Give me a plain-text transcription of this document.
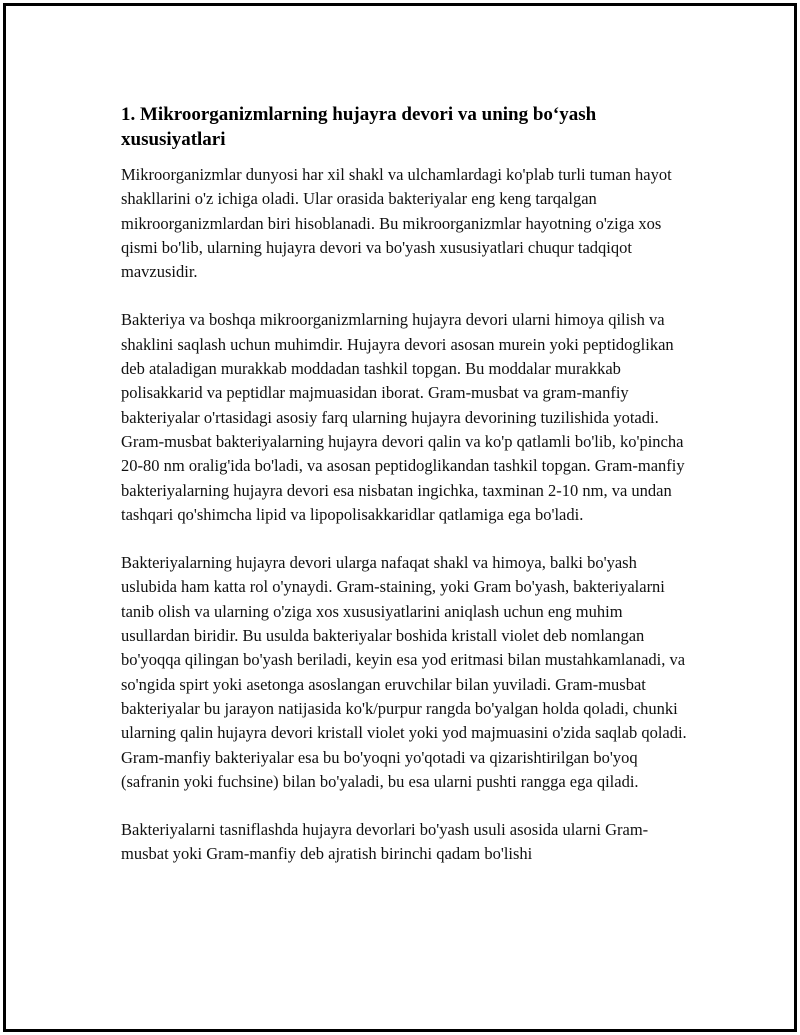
1. Mikroorganizmlarning hujayra devori va uning bo‘yash xususiyatlari

Mikroorganizmlar dunyosi har xil shakl va ulchamlardagi ko'plab turli tuman hayot shakllarini o'z ichiga oladi. Ular orasida bakteriyalar eng keng tarqalgan mikroorganizmlardan biri hisoblanadi. Bu mikroorganizmlar hayotning o'ziga xos qismi bo'lib, ularning hujayra devori va bo'yash xususiyatlari chuqur tadqiqot mavzusidir.

Bakteriya va boshqa mikroorganizmlarning hujayra devori ularni himoya qilish va shaklini saqlash uchun muhimdir. Hujayra devori asosan murein yoki peptidoglikan deb ataladigan murakkab moddadan tashkil topgan. Bu moddalar murakkab polisakkarid va peptidlar majmuasidan iborat. Gram-musbat va gram-manfiy bakteriyalar o'rtasidagi asosiy farq ularning hujayra devorining tuzilishida yotadi. Gram-musbat bakteriyalarning hujayra devori qalin va ko'p qatlamli bo'lib, ko'pincha 20-80 nm oralig'ida bo'ladi, va asosan peptidoglikandan tashkil topgan. Gram-manfiy bakteriyalarning hujayra devori esa nisbatan ingichka, taxminan 2-10 nm, va undan tashqari qo'shimcha lipid va lipopolisakkaridlar qatlamiga ega bo'ladi.

Bakteriyalarning hujayra devori ularga nafaqat shakl va himoya, balki bo'yash uslubida ham katta rol o'ynaydi. Gram-staining, yoki Gram bo'yash, bakteriyalarni tanib olish va ularning o'ziga xos xususiyatlarini aniqlash uchun eng muhim usullardan biridir. Bu usulda bakteriyalar boshida kristall violet deb nomlangan bo'yoqqa qilingan bo'yash beriladi, keyin esa yod eritmasi bilan mustahkamlanadi, va so'ngida spirt yoki asetonga asoslangan eruvchilar bilan yuviladi. Gram-musbat bakteriyalar bu jarayon natijasida ko'k/purpur rangda bo'yalgan holda qoladi, chunki ularning qalin hujayra devori kristall violet yoki yod majmuasini o'zida saqlab qoladi. Gram-manfiy bakteriyalar esa bu bo'yoqni yo'qotadi va qizarishtirilgan bo'yoq (safranin yoki fuchsine) bilan bo'yaladi, bu esa ularni pushti rangga ega qiladi.

Bakteriyalarni tasniflashda hujayra devorlari bo'yash usuli asosida ularni Gram-musbat yoki Gram-manfiy deb ajratish birinchi qadam bo'lishi
